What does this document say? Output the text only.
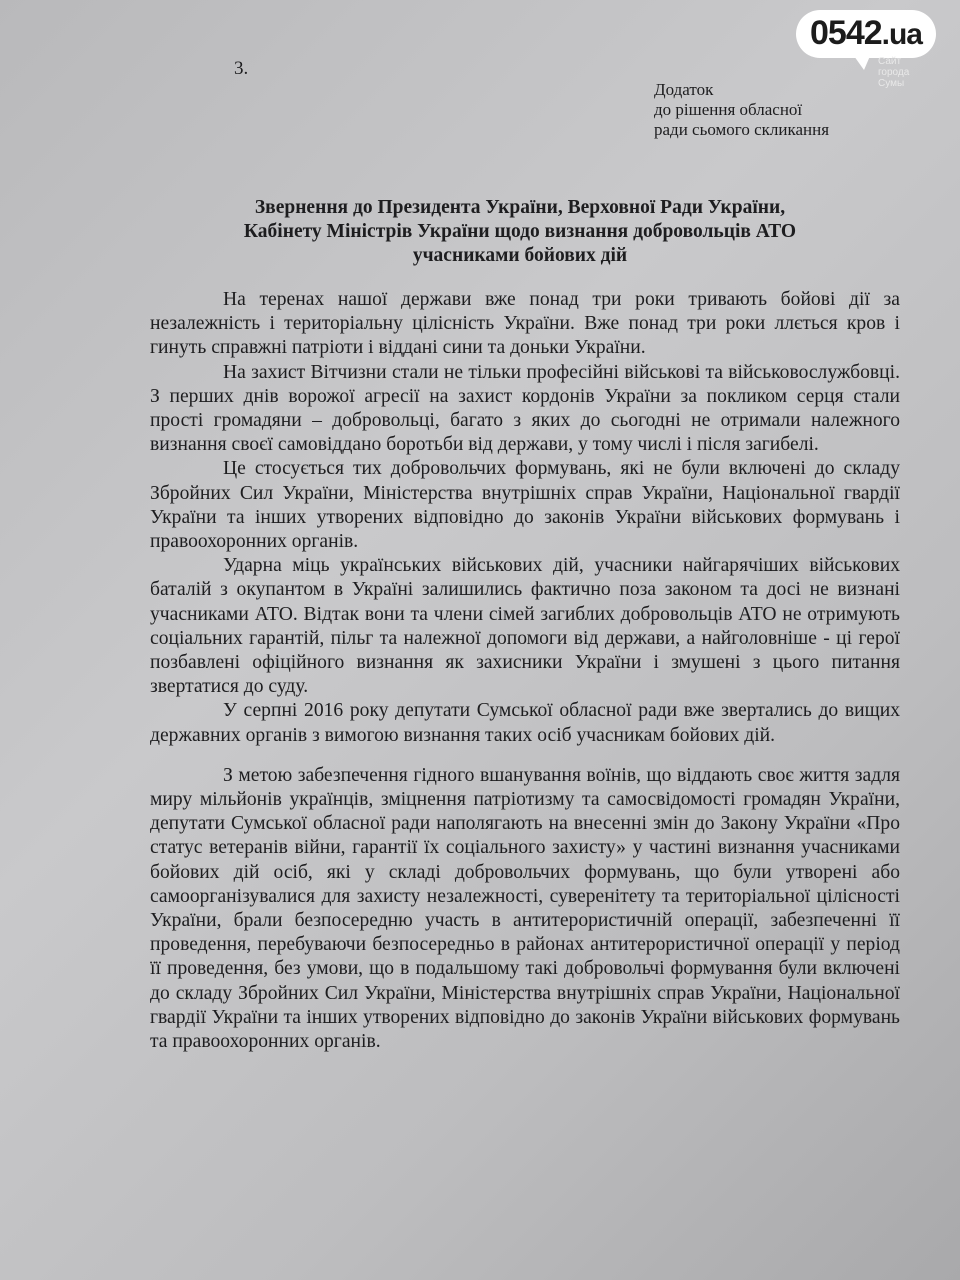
0542.ua
Сайт города Сумы
3.
Додаток
до рішення обласної
ради сьомого скликання
Звернення до Президента України, Верховної Ради України,
Кабінету Міністрів України щодо визнання добровольців АТО
учасниками бойових дій

На теренах нашої держави вже понад три роки тривають бойові дії за незалежність і територіальну цілісність України. Вже понад три роки ллється кров і гинуть справжні патріоти і віддані сини та доньки України.

На захист Вітчизни стали не тільки професійні військові та військовослужбовці. З перших днів ворожої агресії на захист кордонів України за покликом серця стали прості громадяни – добровольці, багато з яких до сьогодні не отримали належного визнання своєї самовіддано боротьби від держави, у тому числі і після загибелі.

Це стосується тих добровольчих формувань, які не були включені до складу Збройних Сил України, Міністерства внутрішніх справ України, Національної гвардії України та інших утворених відповідно до законів України військових формувань і правоохоронних органів.

Ударна міць українських військових дій, учасники найгарячіших військових баталій з окупантом в Україні залишились фактично поза законом та досі не визнані учасниками АТО. Відтак вони та члени сімей загиблих добровольців АТО не отримують соціальних гарантій, пільг та належної допомоги від держави, а найголовніше - ці герої позбавлені офіційного визнання як захисники України і змушені з цього питання звертатися до суду.

У серпні 2016 року депутати Сумської обласної ради вже звертались до вищих державних органів з вимогою визнання таких осіб учасникам бойових дій.

З метою забезпечення гідного вшанування воїнів, що віддають своє життя задля миру мільйонів українців, зміцнення патріотизму та самосвідомості громадян України, депутати Сумської обласної ради наполягають на внесенні змін до Закону України «Про статус ветеранів війни, гарантії їх соціального захисту» у частині визнання учасниками бойових дій осіб, які у складі добровольчих формувань, що були утворені або самоорганізувалися для захисту незалежності, суверенітету та територіальної цілісності України, брали безпосередню участь в антитерористичній операції, забезпеченні її проведення, перебуваючи безпосередньо в районах антитерористичної операції у період її проведення, без умови, що в подальшому такі добровольчі формування були включені до складу Збройних Сил України, Міністерства внутрішніх справ України, Національної гвардії України та інших утворених відповідно до законів України військових формувань та правоохоронних органів.
